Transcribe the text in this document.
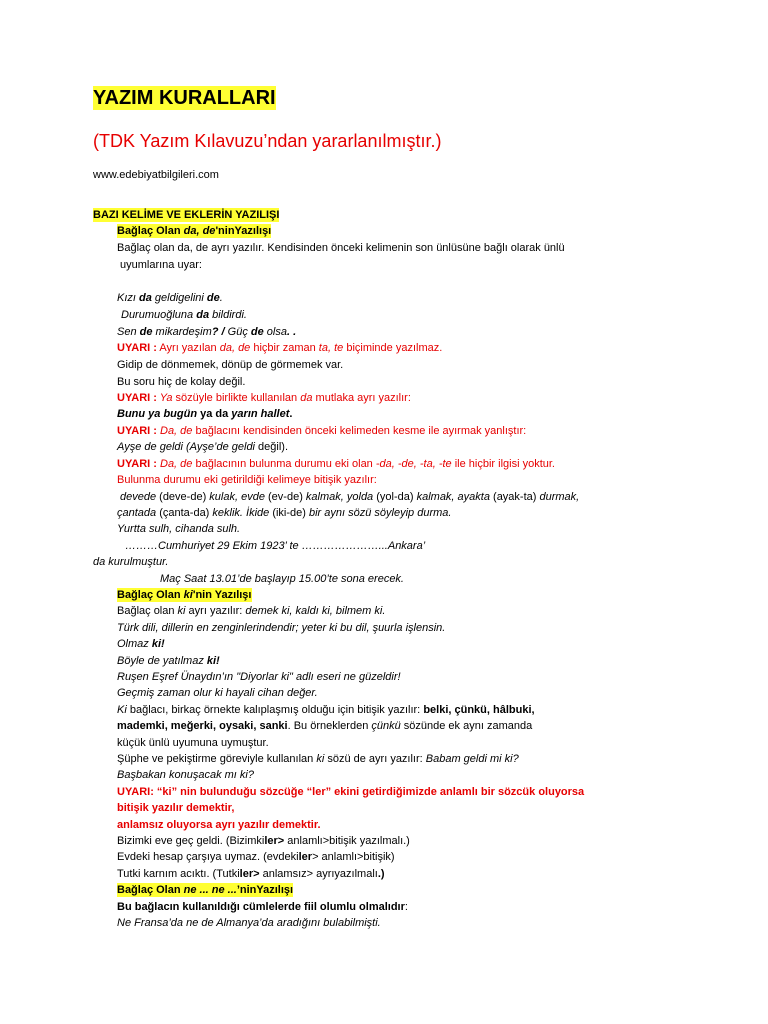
YAZIM KURALLARI
(TDK Yazım Kılavuzu’ndan yararlanılmıştır.)
www.edebiyatbilgileri.com
BAZI KELİME VE EKLERİN YAZILIŞI
Bağlaç Olan da, de'ninYazılışı
Bağlaç olan da, de ayrı yazılır. Kendisinden önceki kelimenin son ünlüsüne bağlı olarak ünlü
uyumlarına uyar:
Kızı da geldigelini de.
Durumuoğluna da bildirdi.
Sen de mikardeşim? / Güç de olsa. .
UYARI : Ayrı yazılan da, de hiçbir zaman ta, te biçiminde yazılmaz.
Gidip de dönmemek, dönüp de görmemek var.
Bu soru hiç de kolay değil.
UYARI : Ya sözüyle birlikte kullanılan da mutlaka ayrı yazılır:
Bunu ya bugün ya da yarın hallet.
UYARI : Da, de bağlacını kendisinden önceki kelimeden kesme ile ayırmak yanlıştır:
Ayşe de geldi (Ayşe’de geldi değil).
UYARI : Da, de bağlacının bulunma durumu eki olan -da, -de, -ta, -te ile hiçbir ilgisi yoktur.
Bulunma durumu eki getirildiği kelimeye bitişik yazılır:
devede (deve-de) kulak, evde (ev-de) kalmak, yolda (yol-da) kalmak, ayakta (ayak-ta) durmak,
çantada (çanta-da) keklik. İkide (iki-de) bir aynı sözü söyleyip durma.
Yurtta sulh, cihanda sulh.
………Cumhuriyet 29 Ekim 1923’ te …………………...Ankara’
da kurulmuştur.
Maç Saat 13.01’de başlayıp 15.00’te sona erecek.
Bağlaç Olan ki'nin Yazılışı
Bağlaç olan ki ayrı yazılır: demek ki, kaldı ki, bilmem ki.
Türk dili, dillerin en zenginlerindendir; yeter ki bu dil, şuurla işlensin.
Olmaz ki!
Böyle de yatılmaz ki!
Ruşen Eşref Ünaydın’ın "Diyorlar ki" adlı eseri ne güzeldir!
Geçmiş zaman olur ki hayali cihan değer.
Ki bağlacı, birkaç örnekte kalıplaşmış olduğu için bitişik yazılır: belki, çünkü, hâlbuki,
mademki, meğerki, oysaki, sanki. Bu örneklerden çünkü sözünde ek aynı zamanda
küçük ünlü uyumuna uymuştur.
Şüphe ve pekiştirme göreviyle kullanılan ki sözü de ayrı yazılır: Babam geldi mi ki?
Başbakan konuşacak mı ki?
UYARI: “ki” nin bulunduğu sözcüğe “ler” ekini getirdiğimizde anlamlı bir sözcük oluyorsa
bitişik yazılır demektir,
anlamsız oluyorsa ayrı yazılır demektir.
Bizimki eve geç geldi. (Bizimkiler> anlamlı>bitişik yazılmalı.)
Evdeki hesap çarşıya uymaz. (evdekiler> anlamlı>bitişik)
Tutki karnım acıktı. (Tutkiler> anlamsız> ayrıyazılmalı.)
Bağlaç Olan ne ... ne ...’ninYazılışı
Bu bağlacın kullanıldığı cümlelerde fiil olumlu olmalıdır:
Ne Fransa’da ne de Almanya’da aradığını bulabilmişti.
